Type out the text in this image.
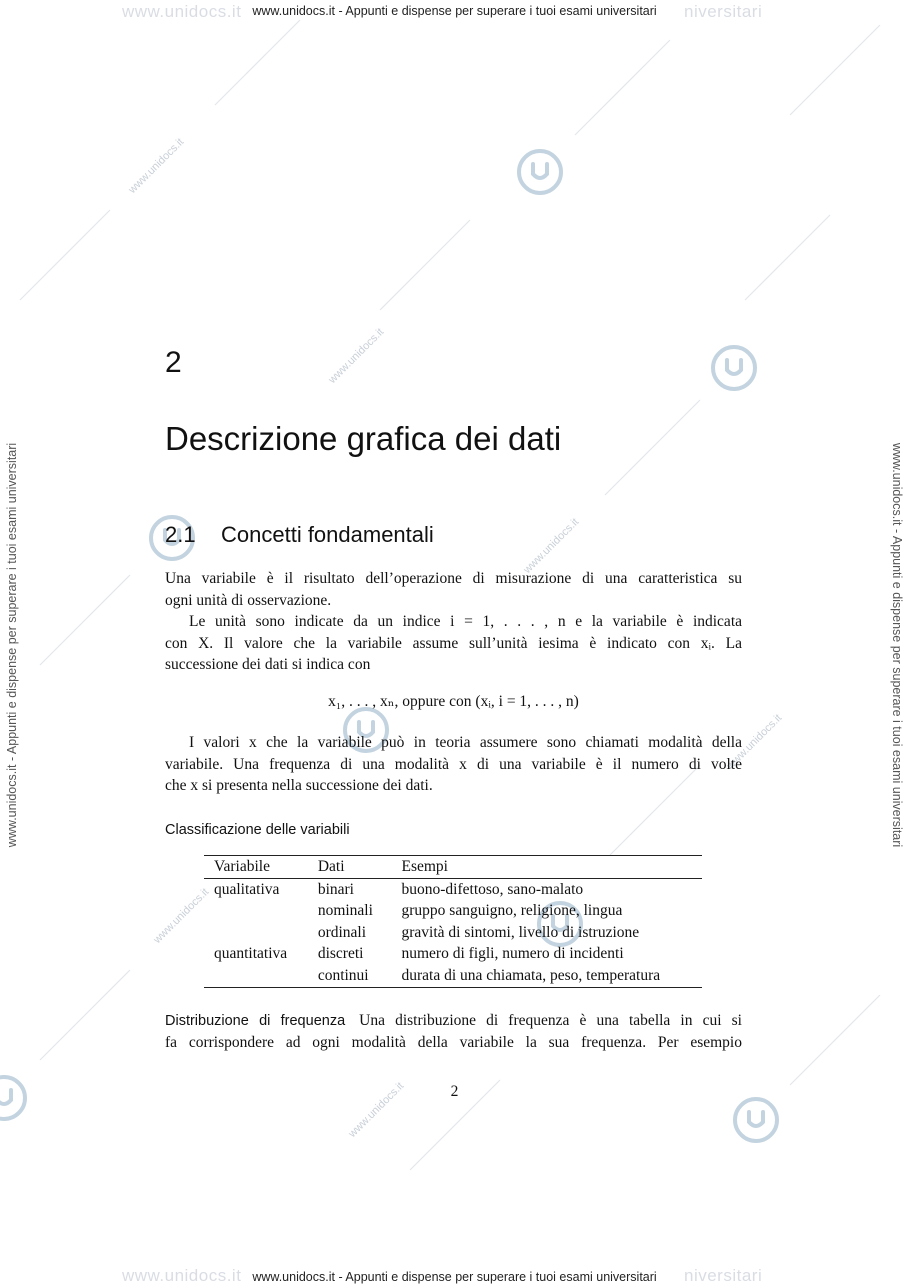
www.unidocs.it	niversitari
www.unidocs.it - Appunti e dispense per superare i tuoi esami universitari
www.unidocs.it	niversitari
www.unidocs.it - Appunti e dispense per superare i tuoi esami universitari
www.unidocs.it - Appunti e dispense per superare i tuoi esami universitari	www.unidocs.it - Appunti e dispense per superare i tuoi esami universitari
www.unidocs.it
www.unidocs.it
www.unidocs.it
www.unidocs.it
www.unidocs.it
www.unidocs.it
2
Descrizione grafica dei dati
2.1 Concetti fondamentali
Una variabile è il risultato dell’operazione di misurazione di una caratteristica su
ogni unità di osservazione.
Le unità sono indicate da un indice i = 1, . . . , n e la variabile è indicata
con X. Il valore che la variabile assume sull’unità iesima è indicato con xᵢ. La
successione dei dati si indica con
x₁, . . . , xₙ, oppure con (xᵢ, i = 1, . . . , n)
I valori x che la variabile può in teoria assumere sono chiamati modalità della
variabile. Una frequenza di una modalità x di una variabile è il numero di volte
che x si presenta nella successione dei dati.
Classificazione delle variabili
Variabile	Dati	Esempi
qualitativa	binari	buono-difettoso, sano-malato
	nominali	gruppo sanguigno, religione, lingua
	ordinali	gravità di sintomi, livello di istruzione
quantitativa	discreti	numero di figli, numero di incidenti
	continui	durata di una chiamata, peso, temperatura
Distribuzione di frequenza Una distribuzione di frequenza è una tabella in cui si
fa corrispondere ad ogni modalità della variabile la sua frequenza. Per esempio
2
